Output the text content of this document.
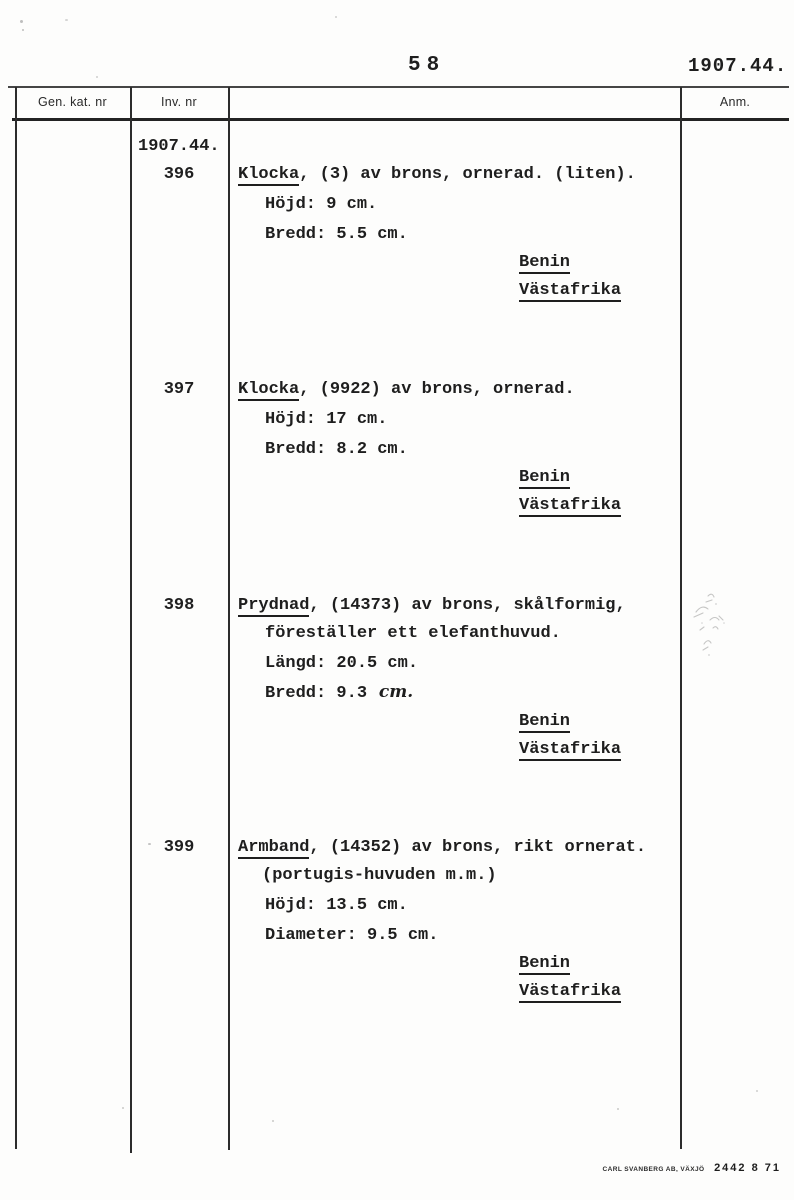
58	1907.44.
Gen. kat. nr	Inv. nr	Anm.
1907.44.
396	Klocka, (3) av brons, ornerad. (liten).
Höjd: 9 cm.
Bredd: 5.5 cm.
Benin
Västafrika
397	Klocka, (9922) av brons, ornerad.
Höjd: 17 cm.
Bredd: 8.2 cm.
Benin
Västafrika
398	Prydnad, (14373) av brons, skålformig,
föreställer ett elefanthuvud.
Längd: 20.5 cm.
Bredd: 9.3  cm.
Benin
Västafrika
399	Armband, (14352) av brons, rikt ornerat.
(portugis-huvuden m.m.)
Höjd: 13.5 cm.
Diameter: 9.5 cm.
Benin
Västafrika
CARL SVANBERG AB, VÄXJÖ 2442 8 71
